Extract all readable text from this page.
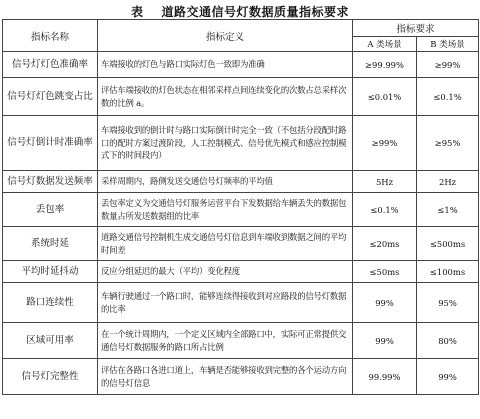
表 道路交通信号灯数据质量指标要求
指标名称	指标定义	指标要求	
		A 类场景	B 类场景
信号灯灯色准确率	车端接收的灯色与路口实际灯色一致即为准确	≥99.99%	≥99%
信号灯灯色跳变占比	评估车端接收的灯色状态在相邻采样点间连续变化的次数占总采样次数的比例 a。	≤0.01%	≤0.1%
信号灯倒计时准确率	车端接收到的倒计时与路口实际倒计时完全一致（不包括分段配时路口的配时方案过渡阶段，人工控制模式、信号优先模式和感应控制模式下的时间段内）	≥99%	≥95%
信号灯数据发送频率	采样周期内，路侧发送交通信号灯频率的平均值	5Hz	2Hz
丢包率	丢包率定义为交通信号灯服务运营平台下发数据给车辆丢失的数据包数量占所发送数据组的比率	≤0.1%	≤1%
系统时延	道路交通信号控制机生成交通信号灯信息到车端收到数据之间的平均时间差	≤20ms	≤500ms
平均时延抖动	反应分组延迟的最大（平均）变化程度	≤50ms	≤100ms
路口连续性	车辆行驶通过一个路口时，能够连续得接收到对应路段的信号灯数据的比率	99%	95%
区域可用率	在一个统计周期内，一个定义区域内全部路口中，实际可正常提供交通信号灯数据服务的路口所占比例	99%	80%
信号灯完整性	评估在各路口各进口道上，车辆是否能够接收到完整的各个运动方向的信号灯信息	99.99%	99%
